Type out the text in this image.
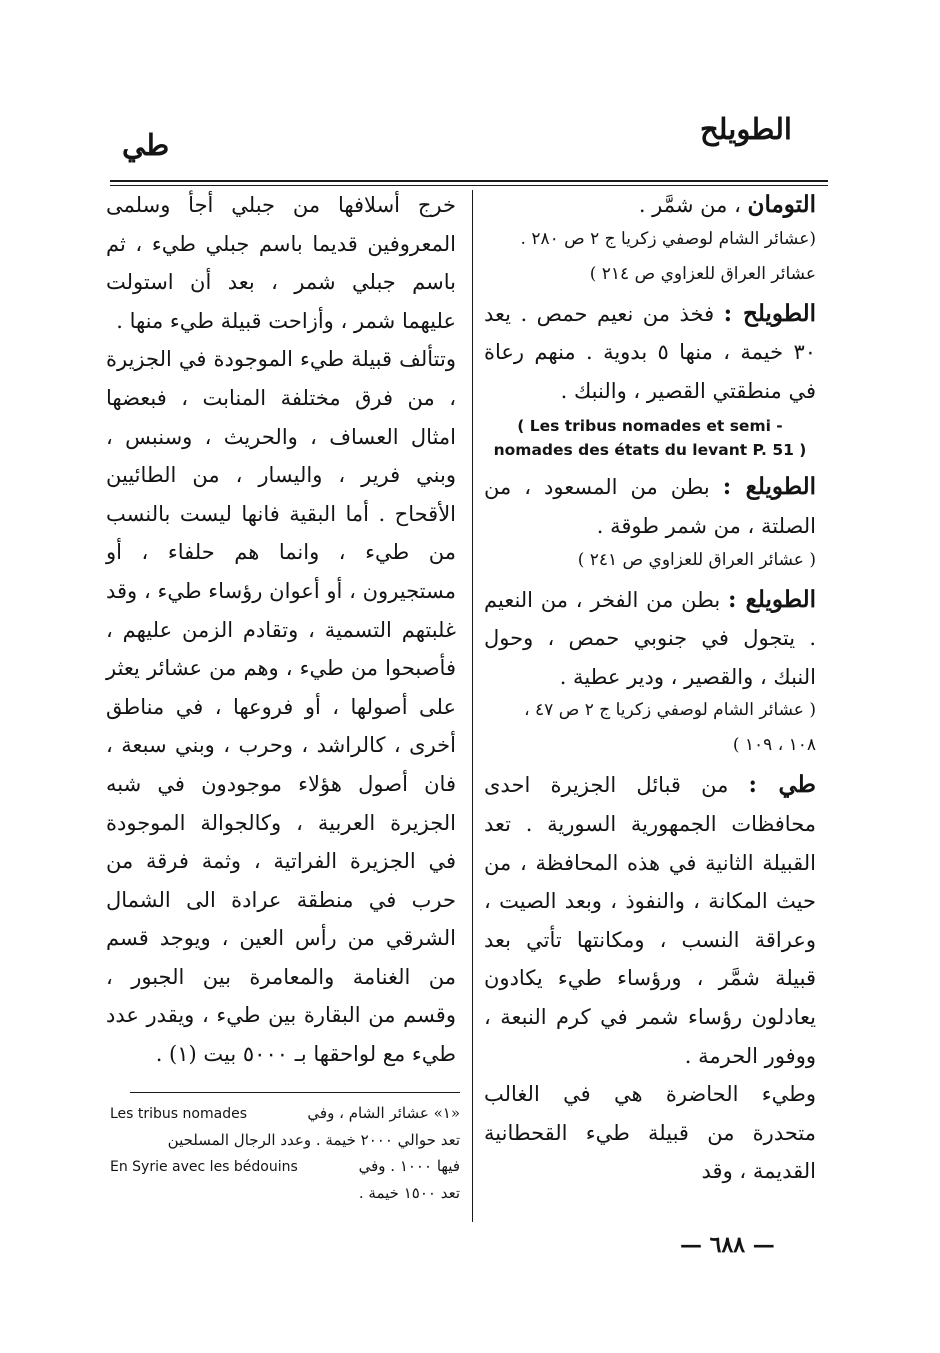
الطويلح
طي

التومان ، من شمَّر .

(عشائر الشام لوصفي زكريا ج ٢ ص ٢٨٠ .

عشائر العراق للعزاوي ص ٢١٤ )

الطويلح : فخذ من نعيم حمص . يعد ٣٠ خيمة ، منها ٥ بدوية . منهم رعاة في منطقتي القصير ، والنبك .

( Les tribus nomades et semi -
nomades des états du levant P. 51 )

الطويلع : بطن من المسعود ، من الصلتة ، من شمر طوقة .

( عشائر العراق للعزاوي ص ٢٤١ )

الطويلع : بطن من الفخر ، من النعيم . يتجول في جنوبي حمص ، وحول النبك ، والقصير ، ودير عطية .

( عشائر الشام لوصفي زكريا ج ٢ ص ٤٧ ،

١٠٨ ، ١٠٩ )

طي : من قبائل الجزيرة احدى محافظات الجمهورية السورية . تعد القبيلة الثانية في هذه المحافظة ، من حيث المكانة ، والنفوذ ، وبعد الصيت ، وعراقة النسب ، ومكانتها تأتي بعد قبيلة شمَّر ، ورؤساء طيء يكادون يعادلون رؤساء شمر في كرم النبعة ، ووفور الحرمة .

وطيء الحاضرة هي في الغالب متحدرة من قبيلة طيء القحطانية القديمة ، وقد

خرج أسلافها من جبلي أجأ وسلمى المعروفين قديما باسم جبلي طيء ، ثم باسم جبلي شمر ، بعد أن استولت عليهما شمر ، وأزاحت قبيلة طيء منها .

وتتألف قبيلة طيء الموجودة في الجزيرة ، من فرق مختلفة المنابت ، فبعضها امثال العساف ، والحريث ، وسنبس ، وبني فرير ، واليسار ، من الطائيين الأقحاح . أما البقية فانها ليست بالنسب من طيء ، وانما هم حلفاء ، أو مستجيرون ، أو أعوان رؤساء طيء ، وقد غلبتهم التسمية ، وتقادم الزمن عليهم ، فأصبحوا من طيء ، وهم من عشائر يعثر على أصولها ، أو فروعها ، في مناطق أخرى ، كالراشد ، وحرب ، وبني سبعة ، فان أصول هؤلاء موجودون في شبه الجزيرة العربية ، وكالجوالة الموجودة في الجزيرة الفراتية ، وثمة فرقة من حرب في منطقة عرادة الى الشمال الشرقي من رأس العين ، ويوجد قسم من الغنامة والمعامرة بين الجبور ، وقسم من البقارة بين طيء ، ويقدر عدد طيء مع لواحقها بـ ٥٠٠٠ بيت (١) .

«١» عشائر الشام ، وفي
Les tribus nomades
تعد حوالي ٢٠٠٠ خيمة . وعدد الرجال المسلحين
فيها ١٠٠٠ . وفي
En Syrie avec les bédouins
تعد ١٥٠٠ خيمة .
— ٦٨٨ —
